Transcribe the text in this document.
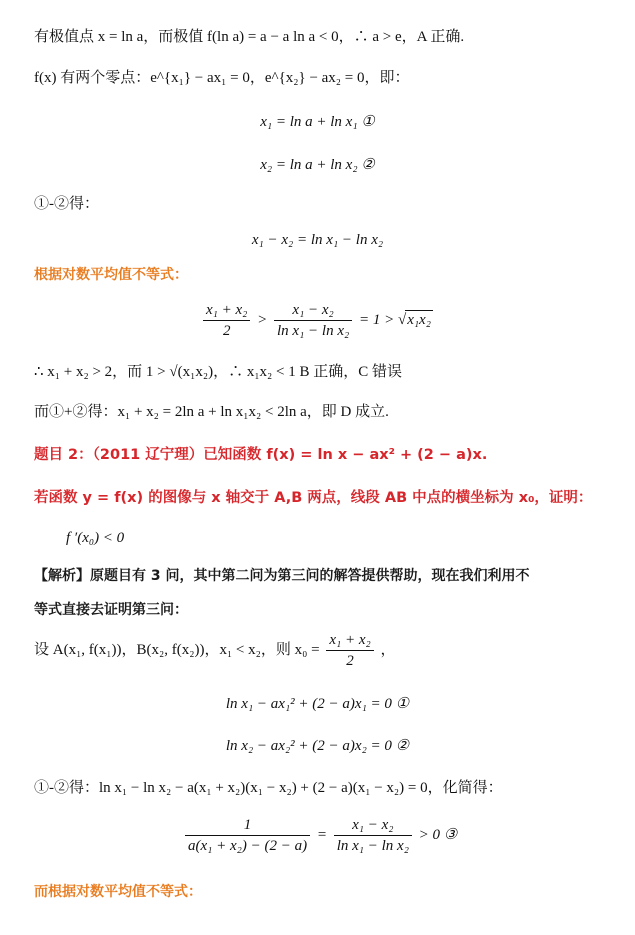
有极值点 x = ln a，而极值 f(ln a) = a − a ln a < 0，∴ a > e，A 正确.
f(x) 有两个零点：e^{x₁} − ax₁ = 0，e^{x₂} − ax₂ = 0，即：
x₁ = ln a + ln x₁ ①
x₂ = ln a + ln x₂ ②
①-②得：
x₁ − x₂ = ln x₁ − ln x₂
根据对数平均值不等式：
$\frac{\text{x₁ + x₂}}{2} > \frac{\text{x₁ − x₂}}{\text{ln x₁ − ln x₂}} = 1 > √x_1x_2$
∴ x₁ + x₂ > 2，而 1 > √(x₁x₂)，∴ x₁x₂ < 1 B 正确，C 错误
而①+②得：x₁ + x₂ = 2ln a + ln x₁x₂ < 2ln a，即 D 成立.
题目 2：（2011 辽宁理）已知函数 f(x) = ln x − ax² + (2 − a)x.
若函数 y = f(x) 的图像与 x 轴交于 A,B 两点，线段 AB 中点的横坐标为 x₀，证明：
f ′(x₀) < 0
【解析】原题目有 3 问，其中第二问为第三问的解答提供帮助，现在我们利用不
等式直接去证明第三问：
设 A(x₁, f(x₁))，B(x₂, f(x₂))，x₁ < x₂，则 $x_0 = \frac{\text{x₁ + x₂}}{2}$ ，
ln x₁ − ax₁² + (2 − a)x₁ = 0 ①
ln x₂ − ax₂² + (2 − a)x₂ = 0 ②
①-②得：ln x₁ − ln x₂ − a(x₁ + x₂)(x₁ − x₂) + (2 − a)(x₁ − x₂) = 0，化简得：
$\frac{1}{\text{a(x₁ + x₂) − (2 − a)}} = \frac{\text{x₁ − x₂}}{\text{ln x₁ − ln x₂}} > 0$ ③
而根据对数平均值不等式：
